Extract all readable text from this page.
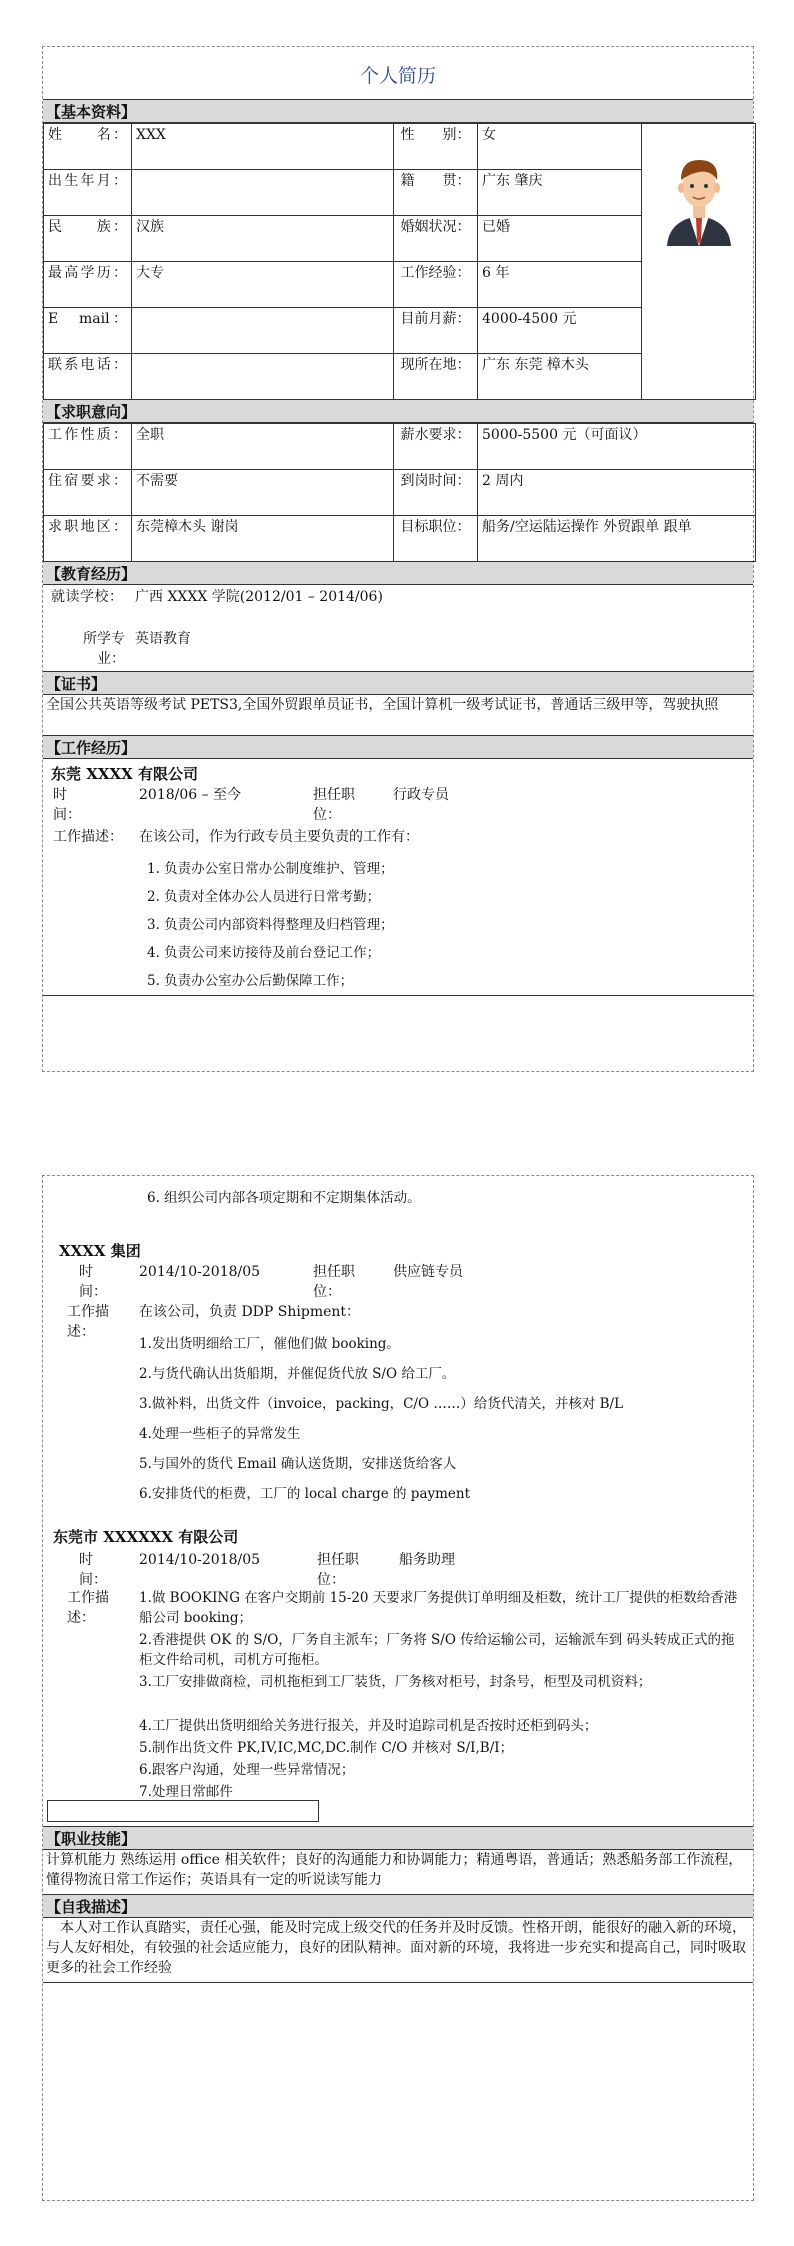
个人简历
【基本资料】
姓　　名：	XXX	性　　别：	女	

出生年月：		籍　　贯：	广东 肇庆	
民　　族：	汉族	婚姻状况：	已婚	
最高学历：	大专	工作经验：	6 年	
E　mail：		目前月薪：	4000-4500 元	
联系电话：		现所在地：	广东 东莞 樟木头	
【求职意向】
工作性质：	全职	薪水要求：	5000-5500 元（可面议）
住宿要求：	不需要	到岗时间：	2 周内
求职地区：	东莞樟木头 谢岗	目标职位：	船务/空运陆运操作 外贸跟单 跟单
【教育经历】
就读学校： 广西 XXXX 学院(2012/01 – 2014/06)
所学专业：
英语教育
【证书】
全国公共英语等级考试 PETS3,全国外贸跟单员证书，全国计算机一级考试证书，普通话三级甲等，驾驶执照
【工作经历】
东莞 XXXX 有限公司
时　间：
2018/06 – 至今	担任职位：
行政专员
工作描述： 在该公司，作为行政专员主要负责的工作有：
1. 负责办公室日常办公制度维护、管理；
2. 负责对全体办公人员进行日常考勤；
3. 负责公司内部资料得整理及归档管理；
4. 负责公司来访接待及前台登记工作；
5. 负责办公室办公后勤保障工作；
6. 组织公司内部各项定期和不定期集体活动。
XXXX 集团
时　间：
2014/10-2018/05	担任职位：
供应链专员
工作描述：
在该公司，负责 DDP Shipment：
1.发出货明细给工厂，催他们做 booking。
2.与货代确认出货船期，并催促货代放 S/O 给工厂。
3.做补料，出货文件（invoice，packing，C/O ……）给货代清关，并核对 B/L
4.处理一些柜子的异常发生
5.与国外的货代 Email 确认送货期，安排送货给客人
6.安排货代的柜费，工厂的 local charge 的 payment
东莞市 XXXXXX 有限公司
时　间：
2014/10-2018/05	担任职位：
船务助理
工作描述：
1.做 BOOKING 在客户交期前 15-20 天要求厂务提供订单明细及柜数，统计工厂提供的柜数给香港船公司 booking；
2.香港提供 OK 的 S/O，厂务自主派车；厂务将 S/O 传给运输公司，运输派车到 码头转成正式的拖柜文件给司机，司机方可拖柜。
3.工厂安排做商检，司机拖柜到工厂装货，厂务核对柜号，封条号，柜型及司机资料；
4.工厂提供出货明细给关务进行报关，并及时追踪司机是否按时还柜到码头；
5.制作出货文件 PK,IV,IC,MC,DC.制作 C/O 并核对 S/I,B/I；
6.跟客户沟通，处理一些异常情况；
7.处理日常邮件
【职业技能】
计算机能力 熟练运用 office 相关软件；良好的沟通能力和协调能力；精通粤语，普通话；熟悉船务部工作流程，懂得物流日常工作运作；英语具有一定的听说读写能力
【自我描述】
本人对工作认真踏实，责任心强，能及时完成上级交代的任务并及时反馈。性格开朗，能很好的融入新的环境，与人友好相处，有较强的社会适应能力，良好的团队精神。面对新的环境，我将进一步充实和提高自己，同时吸取更多的社会工作经验
